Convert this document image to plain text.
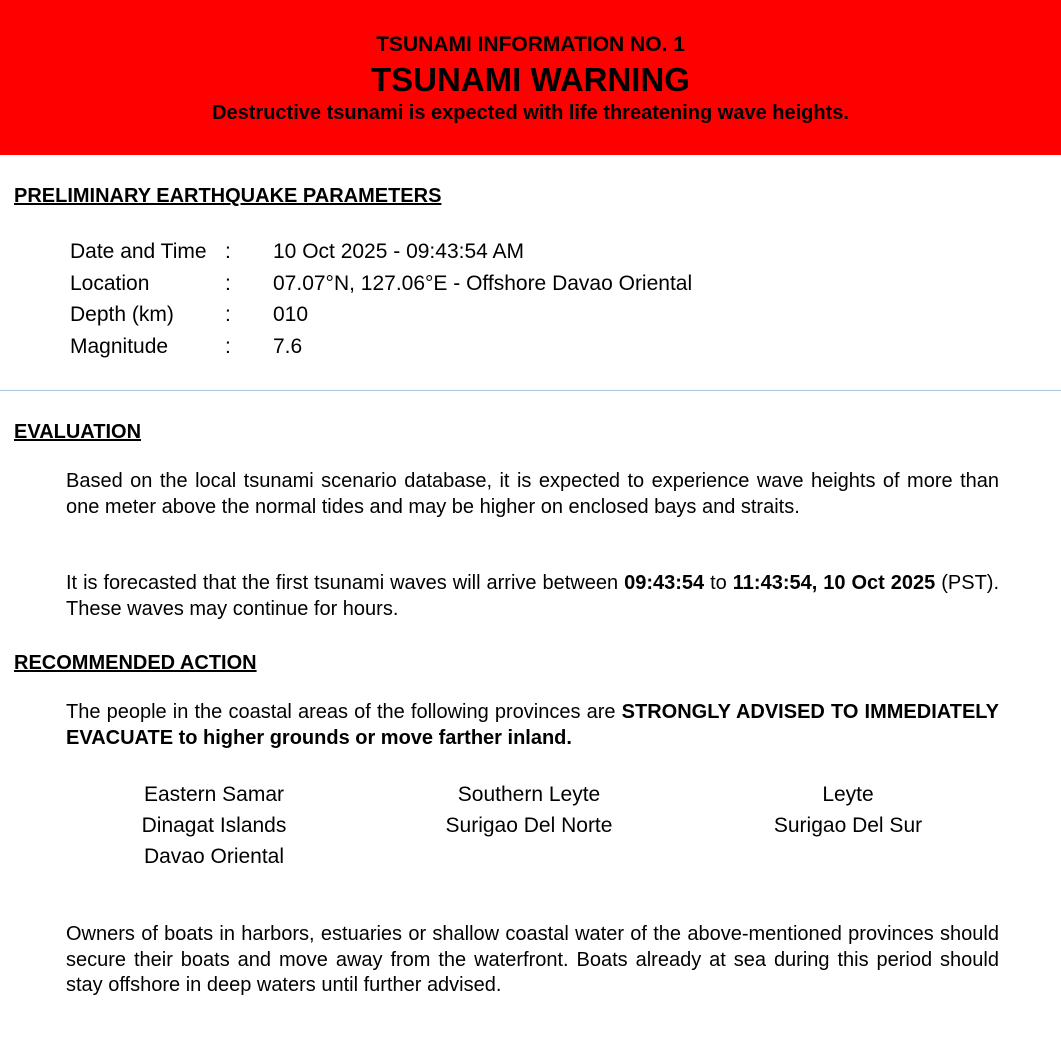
TSUNAMI INFORMATION NO. 1
TSUNAMI WARNING
Destructive tsunami is expected with life threatening wave heights.
PRELIMINARY EARTHQUAKE PARAMETERS
Date and Time : 10 Oct 2025 - 09:43:54 AM
Location	: 07.07°N, 127.06°E - Offshore Davao Oriental
Depth (km) : 010
Magnitude	: 7.6
EVALUATION
Based on the local tsunami scenario database, it is expected to experience wave heights of more than one meter above the normal tides and may be higher on enclosed bays and straits.
It is forecasted that the first tsunami waves will arrive between 09:43:54 to 11:43:54, 10 Oct 2025 (PST). These waves may continue for hours.
RECOMMENDED ACTION
The people in the coastal areas of the following provinces are STRONGLY ADVISED TO IMMEDIATELY EVACUATE to higher grounds or move farther inland.
Eastern Samar	Southern Leyte	Leyte
Dinagat Islands	Surigao Del Norte	Surigao Del Sur
Davao Oriental
Owners of boats in harbors, estuaries or shallow coastal water of the above-mentioned provinces should secure their boats and move away from the waterfront. Boats already at sea during this period should stay offshore in deep waters until further advised.
